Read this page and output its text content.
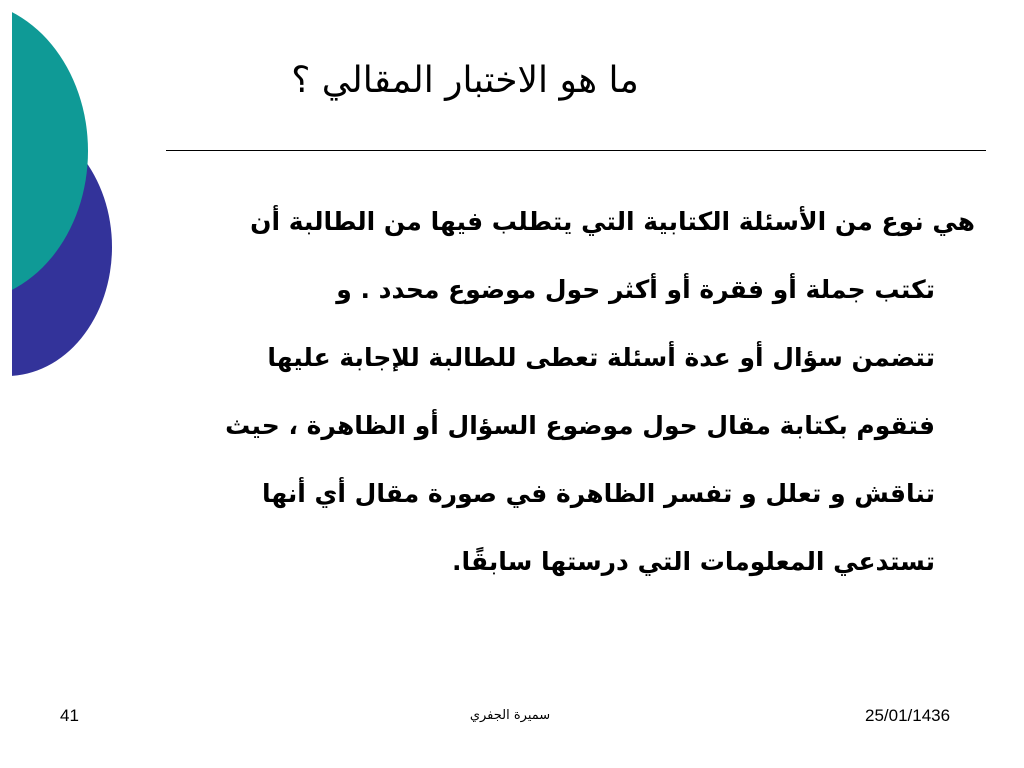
ما هو الاختبار المقالي ؟
هي نوع من الأسئلة الكتابية التي يتطلب فيها من الطالبة أن
تكتب جملة أو فقرة أو أكثر حول موضوع محدد . و
تتضمن سؤال أو عدة أسئلة تعطى للطالبة للإجابة عليها
فتقوم بكتابة مقال حول موضوع السؤال أو الظاهرة ، حيث
تناقش و تعلل و تفسر الظاهرة في صورة مقال أي أنها
تستدعي المعلومات التي درستها سابقًا.
25/01/1436
سميرة الجفري
41
